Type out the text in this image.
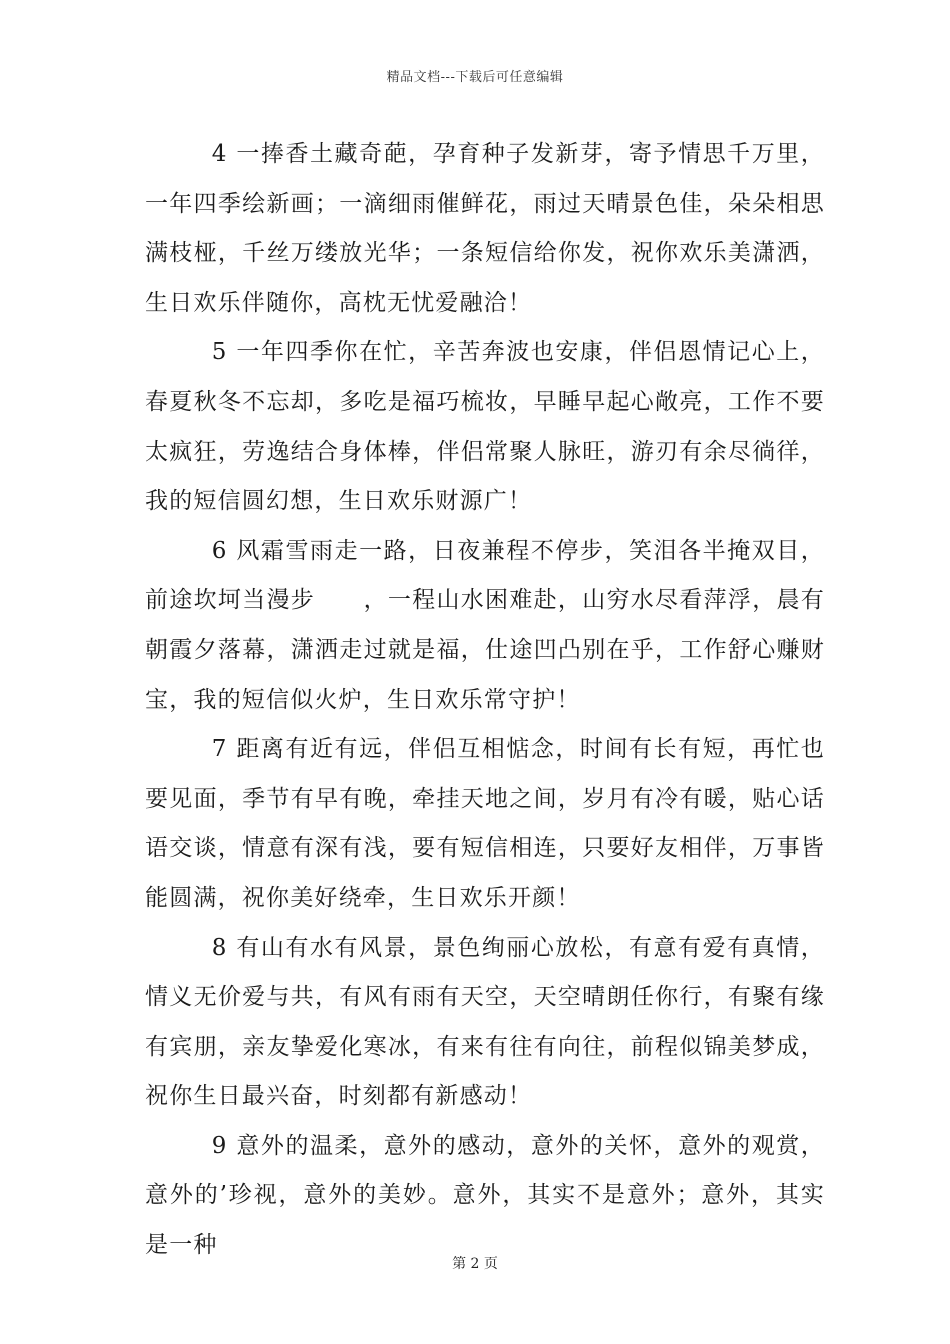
精品文档---下载后可任意编辑

4 一捧香土藏奇葩，孕育种子发新芽，寄予情思千万里，一年四季绘新画；一滴细雨催鲜花，雨过天晴景色佳，朵朵相思满枝桠，千丝万缕放光华；一条短信给你发，祝你欢乐美潇洒，生日欢乐伴随你，高枕无忧爱融洽！

5 一年四季你在忙，辛苦奔波也安康，伴侣恩情记心上，春夏秋冬不忘却，多吃是福巧梳妆，早睡早起心敞亮，工作不要太疯狂，劳逸结合身体棒，伴侣常聚人脉旺，游刃有余尽徜徉，我的短信圆幻想，生日欢乐财源广！

6 风霜雪雨走一路，日夜兼程不停步，笑泪各半掩双目，前途坎坷当漫步　　，一程山水困难赴，山穷水尽看萍浮，晨有朝霞夕落幕，潇洒走过就是福，仕途凹凸别在乎，工作舒心赚财宝，我的短信似火炉，生日欢乐常守护！

7 距离有近有远，伴侣互相惦念，时间有长有短，再忙也要见面，季节有早有晚，牵挂天地之间，岁月有冷有暖，贴心话语交谈，情意有深有浅，要有短信相连，只要好友相伴，万事皆能圆满，祝你美好绕牵，生日欢乐开颜！

8 有山有水有风景，景色绚丽心放松，有意有爱有真情，情义无价爱与共，有风有雨有天空，天空晴朗任你行，有聚有缘有宾朋，亲友挚爱化寒冰，有来有往有向往，前程似锦美梦成，祝你生日最兴奋，时刻都有新感动！

9 意外的温柔，意外的感动，意外的关怀，意外的观赏，意外的’珍视，意外的美妙。意外，其实不是意外；意外，其实是一种

第 2 页
